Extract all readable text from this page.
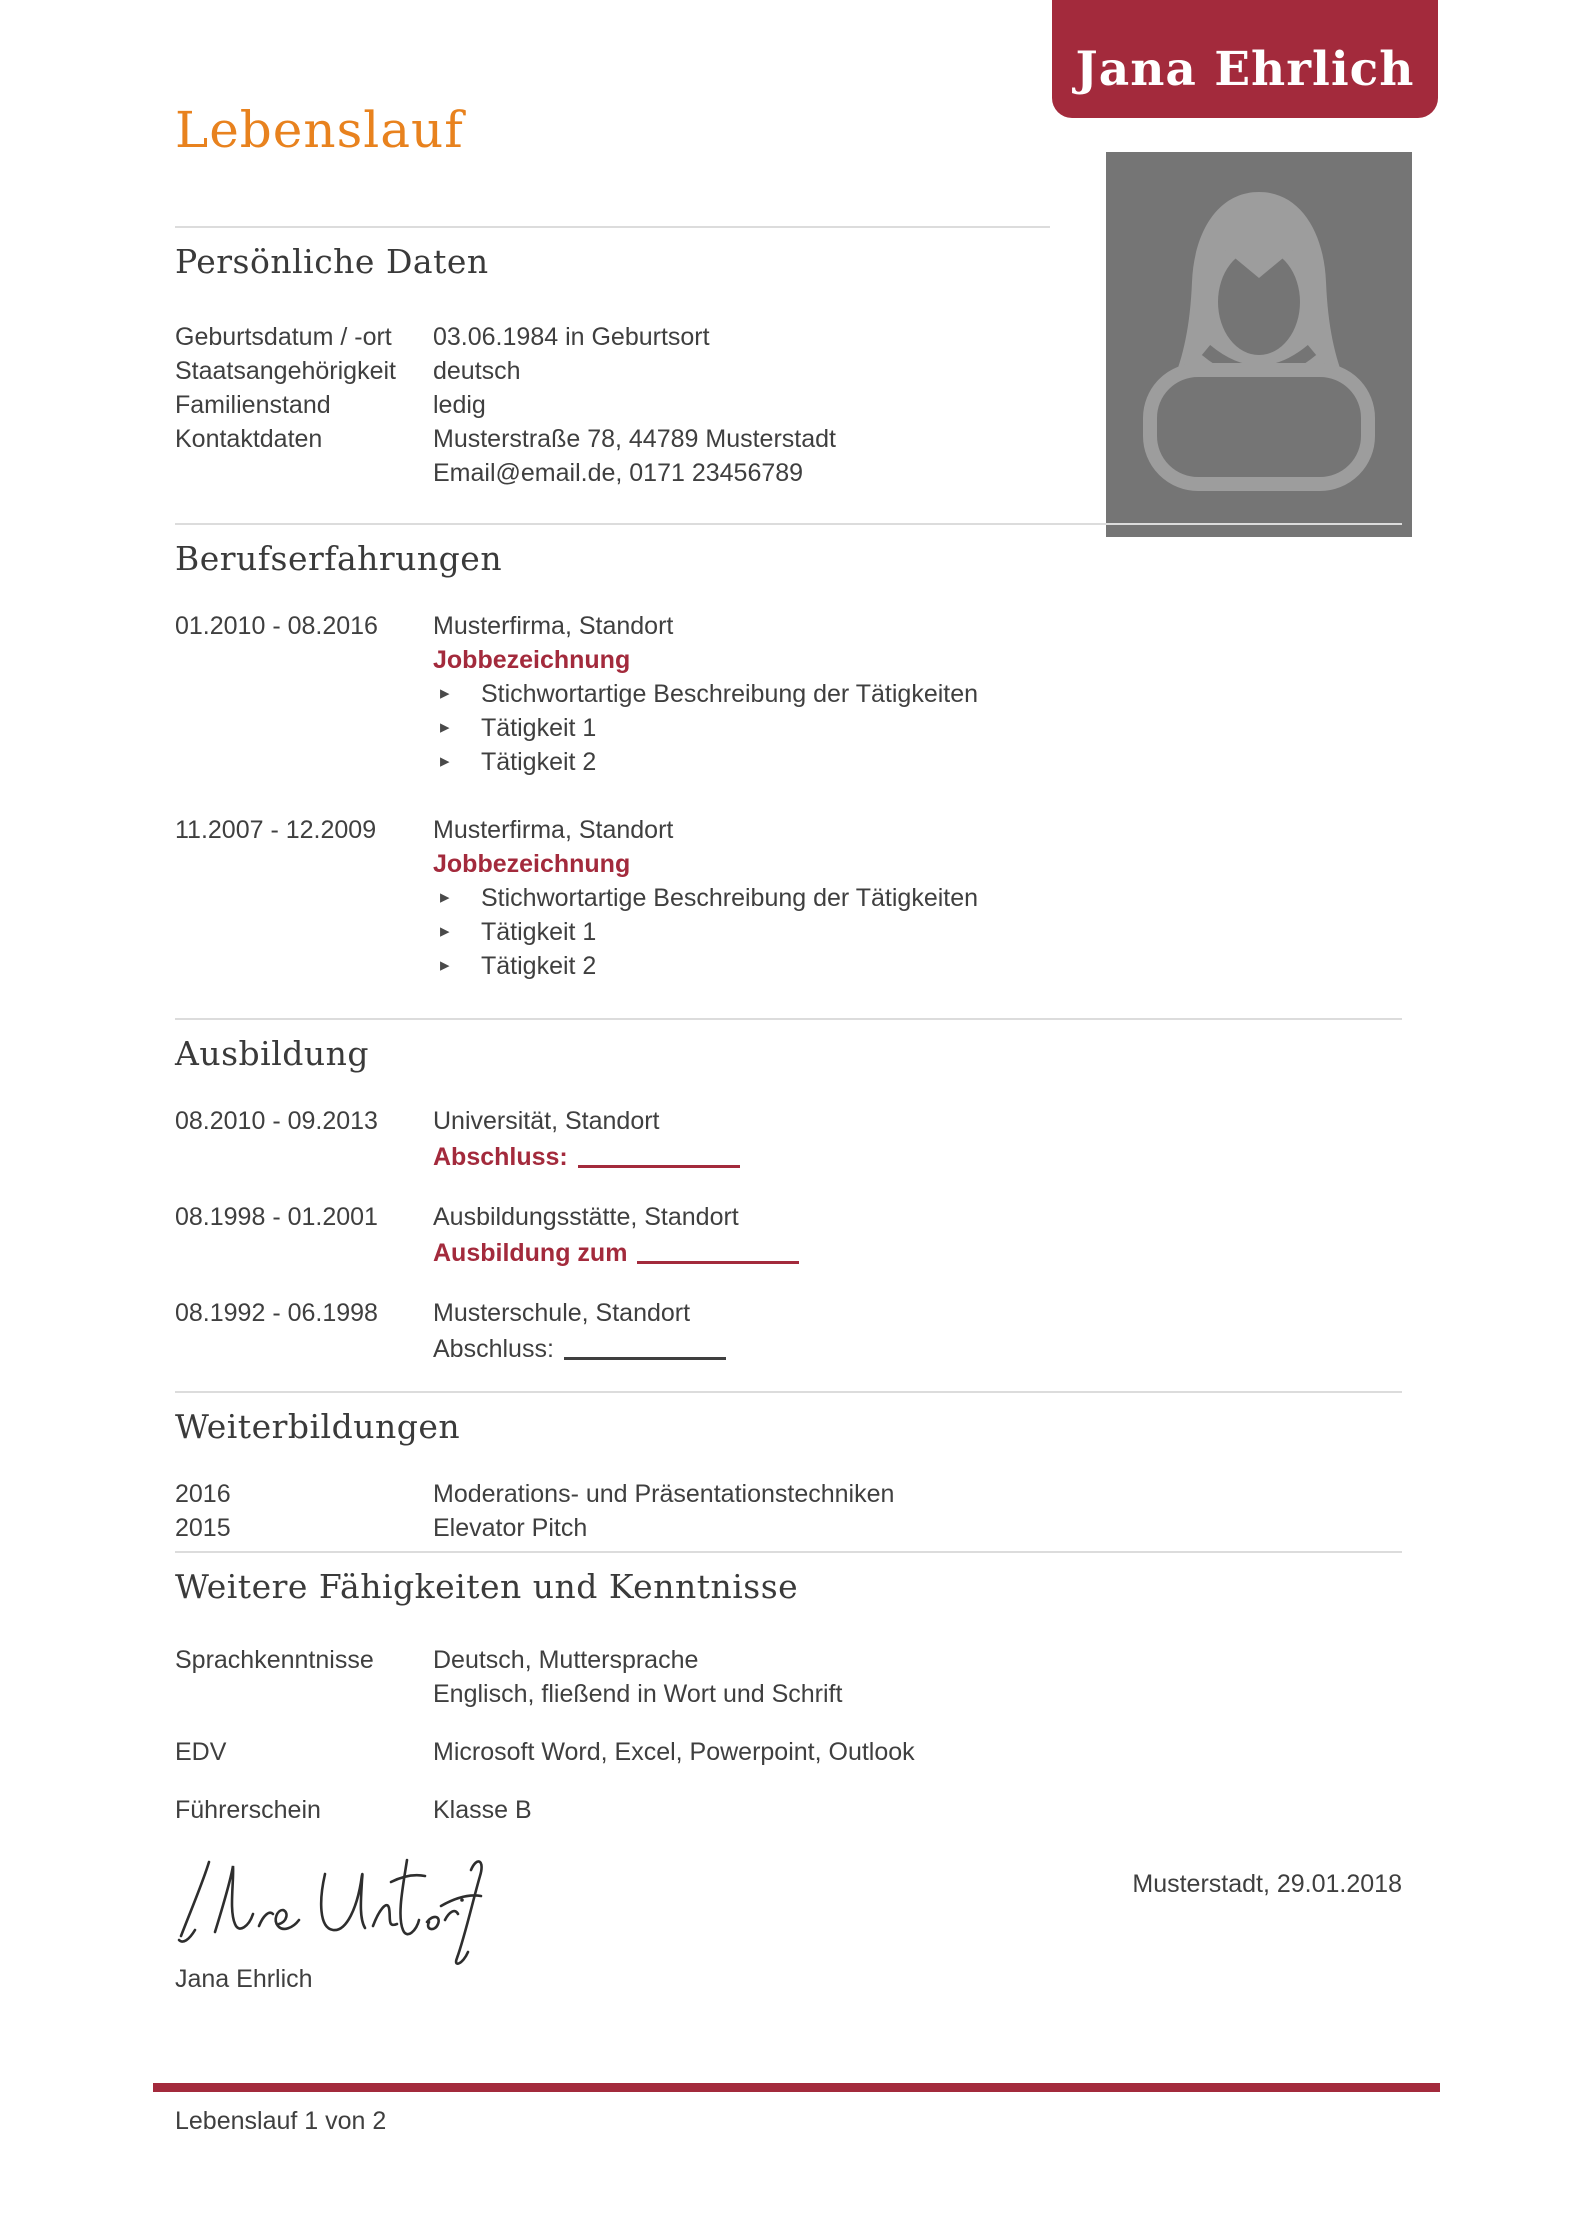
Jana Ehrlich
Lebenslauf
Persönliche Daten
Geburtsdatum / -ort	03.06.1984 in Geburtsort
Staatsangehörigkeit	deutsch
Familienstand	ledig
Kontaktdaten	Musterstraße 78, 44789 Musterstadt
Email@email.de, 0171 23456789
Berufserfahrungen
01.2010 - 08.2016	Musterfirma, Standort
Jobbezeichnung
▸	Stichwortartige Beschreibung der Tätigkeiten
▸	Tätigkeit 1
▸	Tätigkeit 2
11.2007 - 12.2009	Musterfirma, Standort
Jobbezeichnung
▸	Stichwortartige Beschreibung der Tätigkeiten
▸	Tätigkeit 1
▸	Tätigkeit 2
Ausbildung
08.2010 - 09.2013	Universität, Standort
Abschluss:
08.1998 - 01.2001	Ausbildungsstätte, Standort
Ausbildung zum
08.1992 - 06.1998	Musterschule, Standort
Abschluss:
Weiterbildungen
2016	Moderations- und Präsentationstechniken
2015	Elevator Pitch
Weitere Fähigkeiten und Kenntnisse
Sprachkenntnisse	Deutsch, Muttersprache
Englisch, fließend in Wort und Schrift
EDV	Microsoft Word, Excel, Powerpoint, Outlook
Führerschein	Klasse B
Musterstadt, 29.01.2018
Jana Ehrlich
Lebenslauf 1 von 2
